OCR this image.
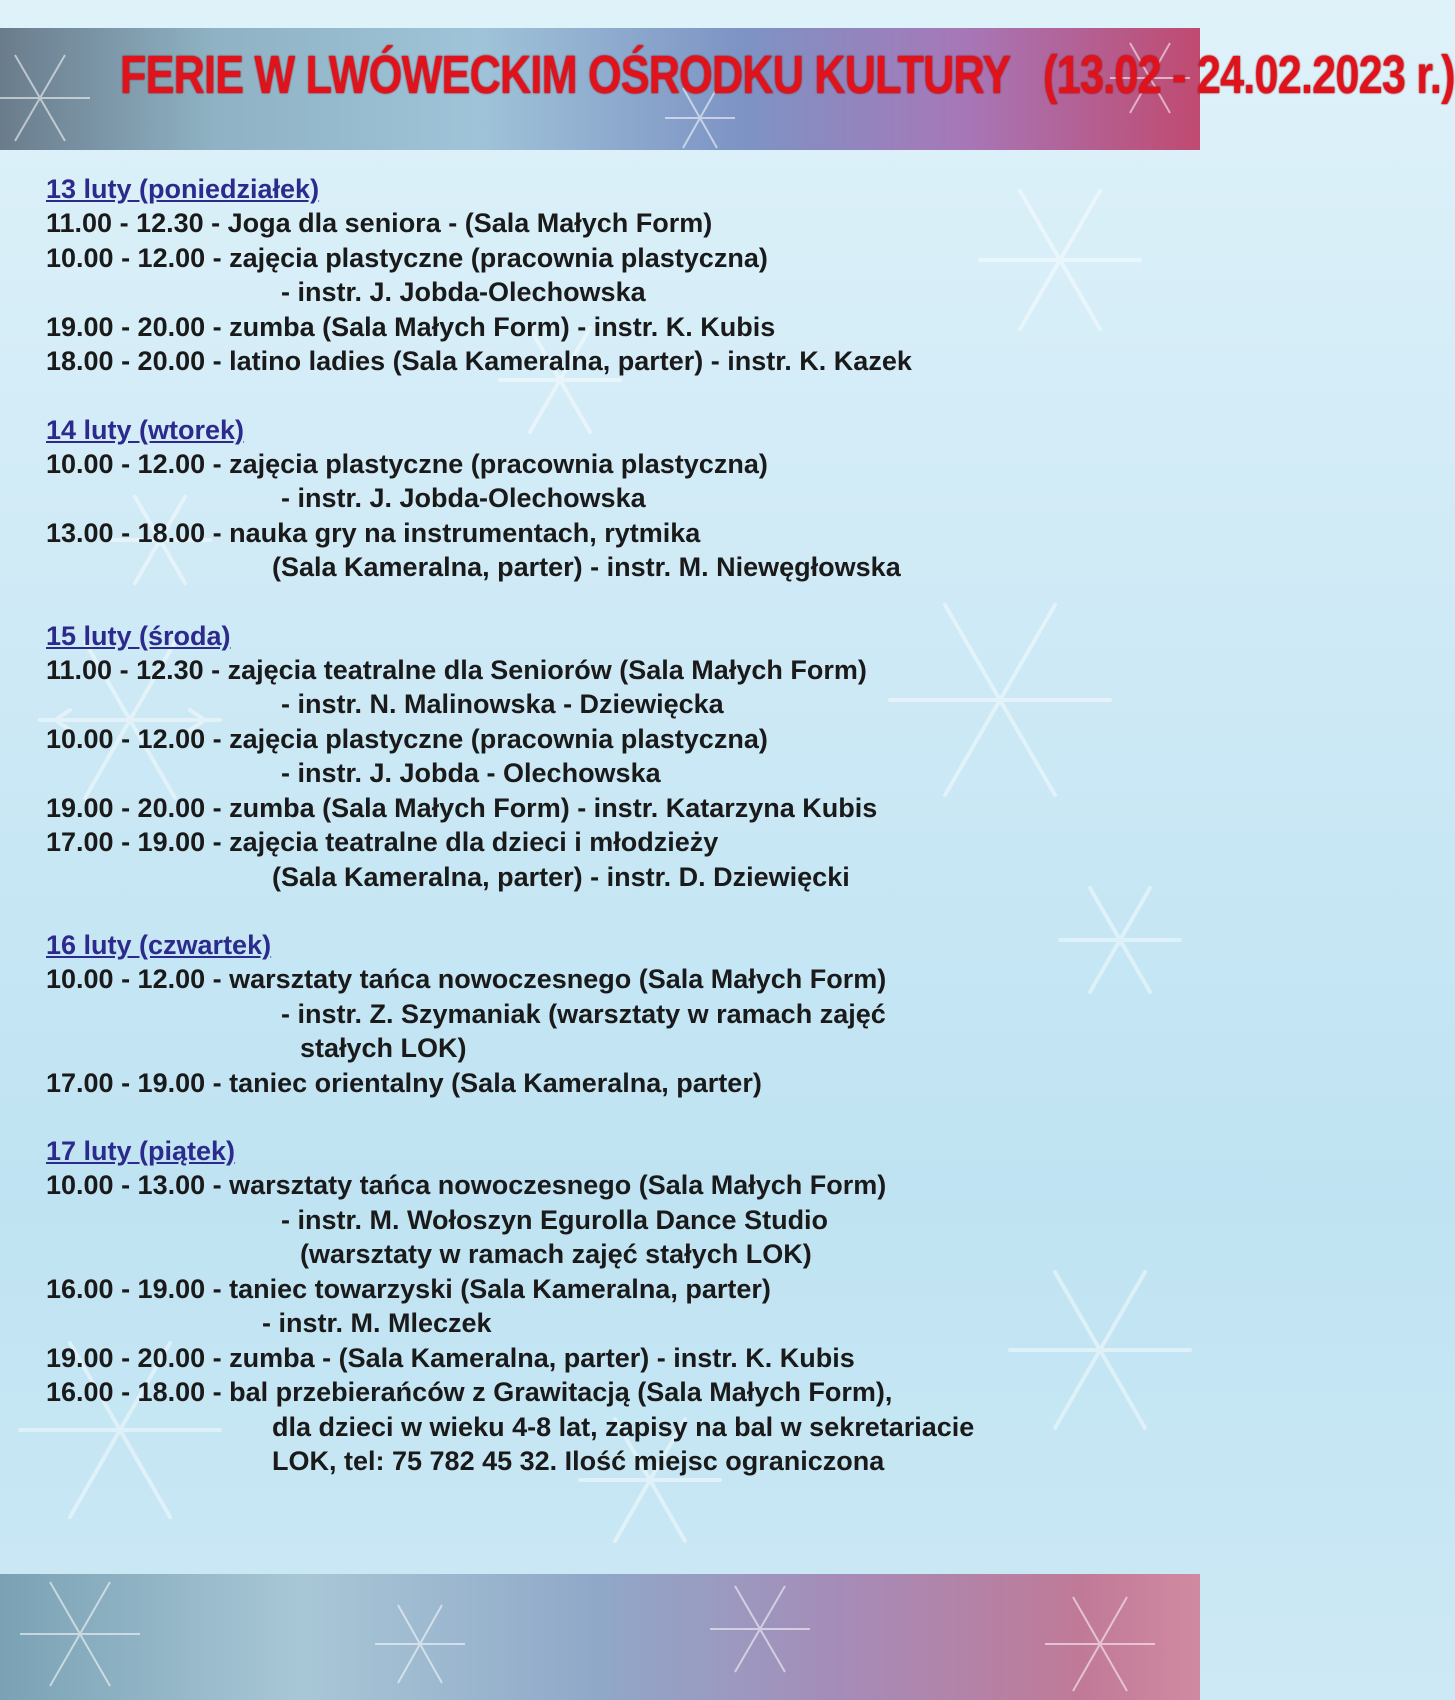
FERIE W LWÓWECKIM OŚRODKU KULTURY   (13.02 - 24.02.2023 r.)
13 luty (poniedziałek)
11.00 - 12.30 - Joga dla seniora - (Sala Małych Form)
10.00 - 12.00 - zajęcia plastyczne (pracownia plastyczna)
- instr. J. Jobda-Olechowska
19.00 - 20.00 - zumba (Sala Małych Form) - instr. K. Kubis
18.00 - 20.00 - latino ladies (Sala Kameralna, parter) - instr. K. Kazek
14 luty (wtorek)
10.00 - 12.00 - zajęcia plastyczne (pracownia plastyczna)
- instr. J. Jobda-Olechowska
13.00 - 18.00 - nauka gry na instrumentach, rytmika
(Sala Kameralna, parter) - instr. M. Niewęgłowska
15 luty (środa)
11.00 - 12.30 - zajęcia teatralne dla Seniorów (Sala Małych Form)
- instr. N. Malinowska - Dziewięcka
10.00 - 12.00 - zajęcia plastyczne (pracownia plastyczna)
- instr. J. Jobda - Olechowska
19.00 - 20.00 - zumba (Sala Małych Form) - instr. Katarzyna Kubis
17.00 - 19.00 - zajęcia teatralne dla dzieci i młodzieży
(Sala Kameralna, parter) - instr. D. Dziewięcki
16 luty (czwartek)
10.00 - 12.00 - warsztaty tańca nowoczesnego (Sala Małych Form)
- instr. Z. Szymaniak (warsztaty w ramach zajęć
stałych LOK)
17.00 - 19.00 - taniec orientalny (Sala Kameralna, parter)
17 luty (piątek)
10.00 - 13.00 - warsztaty tańca nowoczesnego (Sala Małych Form)
- instr. M. Wołoszyn Egurolla Dance Studio
(warsztaty w ramach zajęć stałych LOK)
16.00 - 19.00 - taniec towarzyski (Sala Kameralna, parter)
- instr. M. Mleczek
19.00 - 20.00 - zumba - (Sala Kameralna, parter) - instr. K. Kubis
16.00 - 18.00 - bal przebierańców z Grawitacją (Sala Małych Form),
dla dzieci w wieku 4-8 lat, zapisy na bal w sekretariacie
LOK, tel: 75 782 45 32. Ilość miejsc ograniczona
